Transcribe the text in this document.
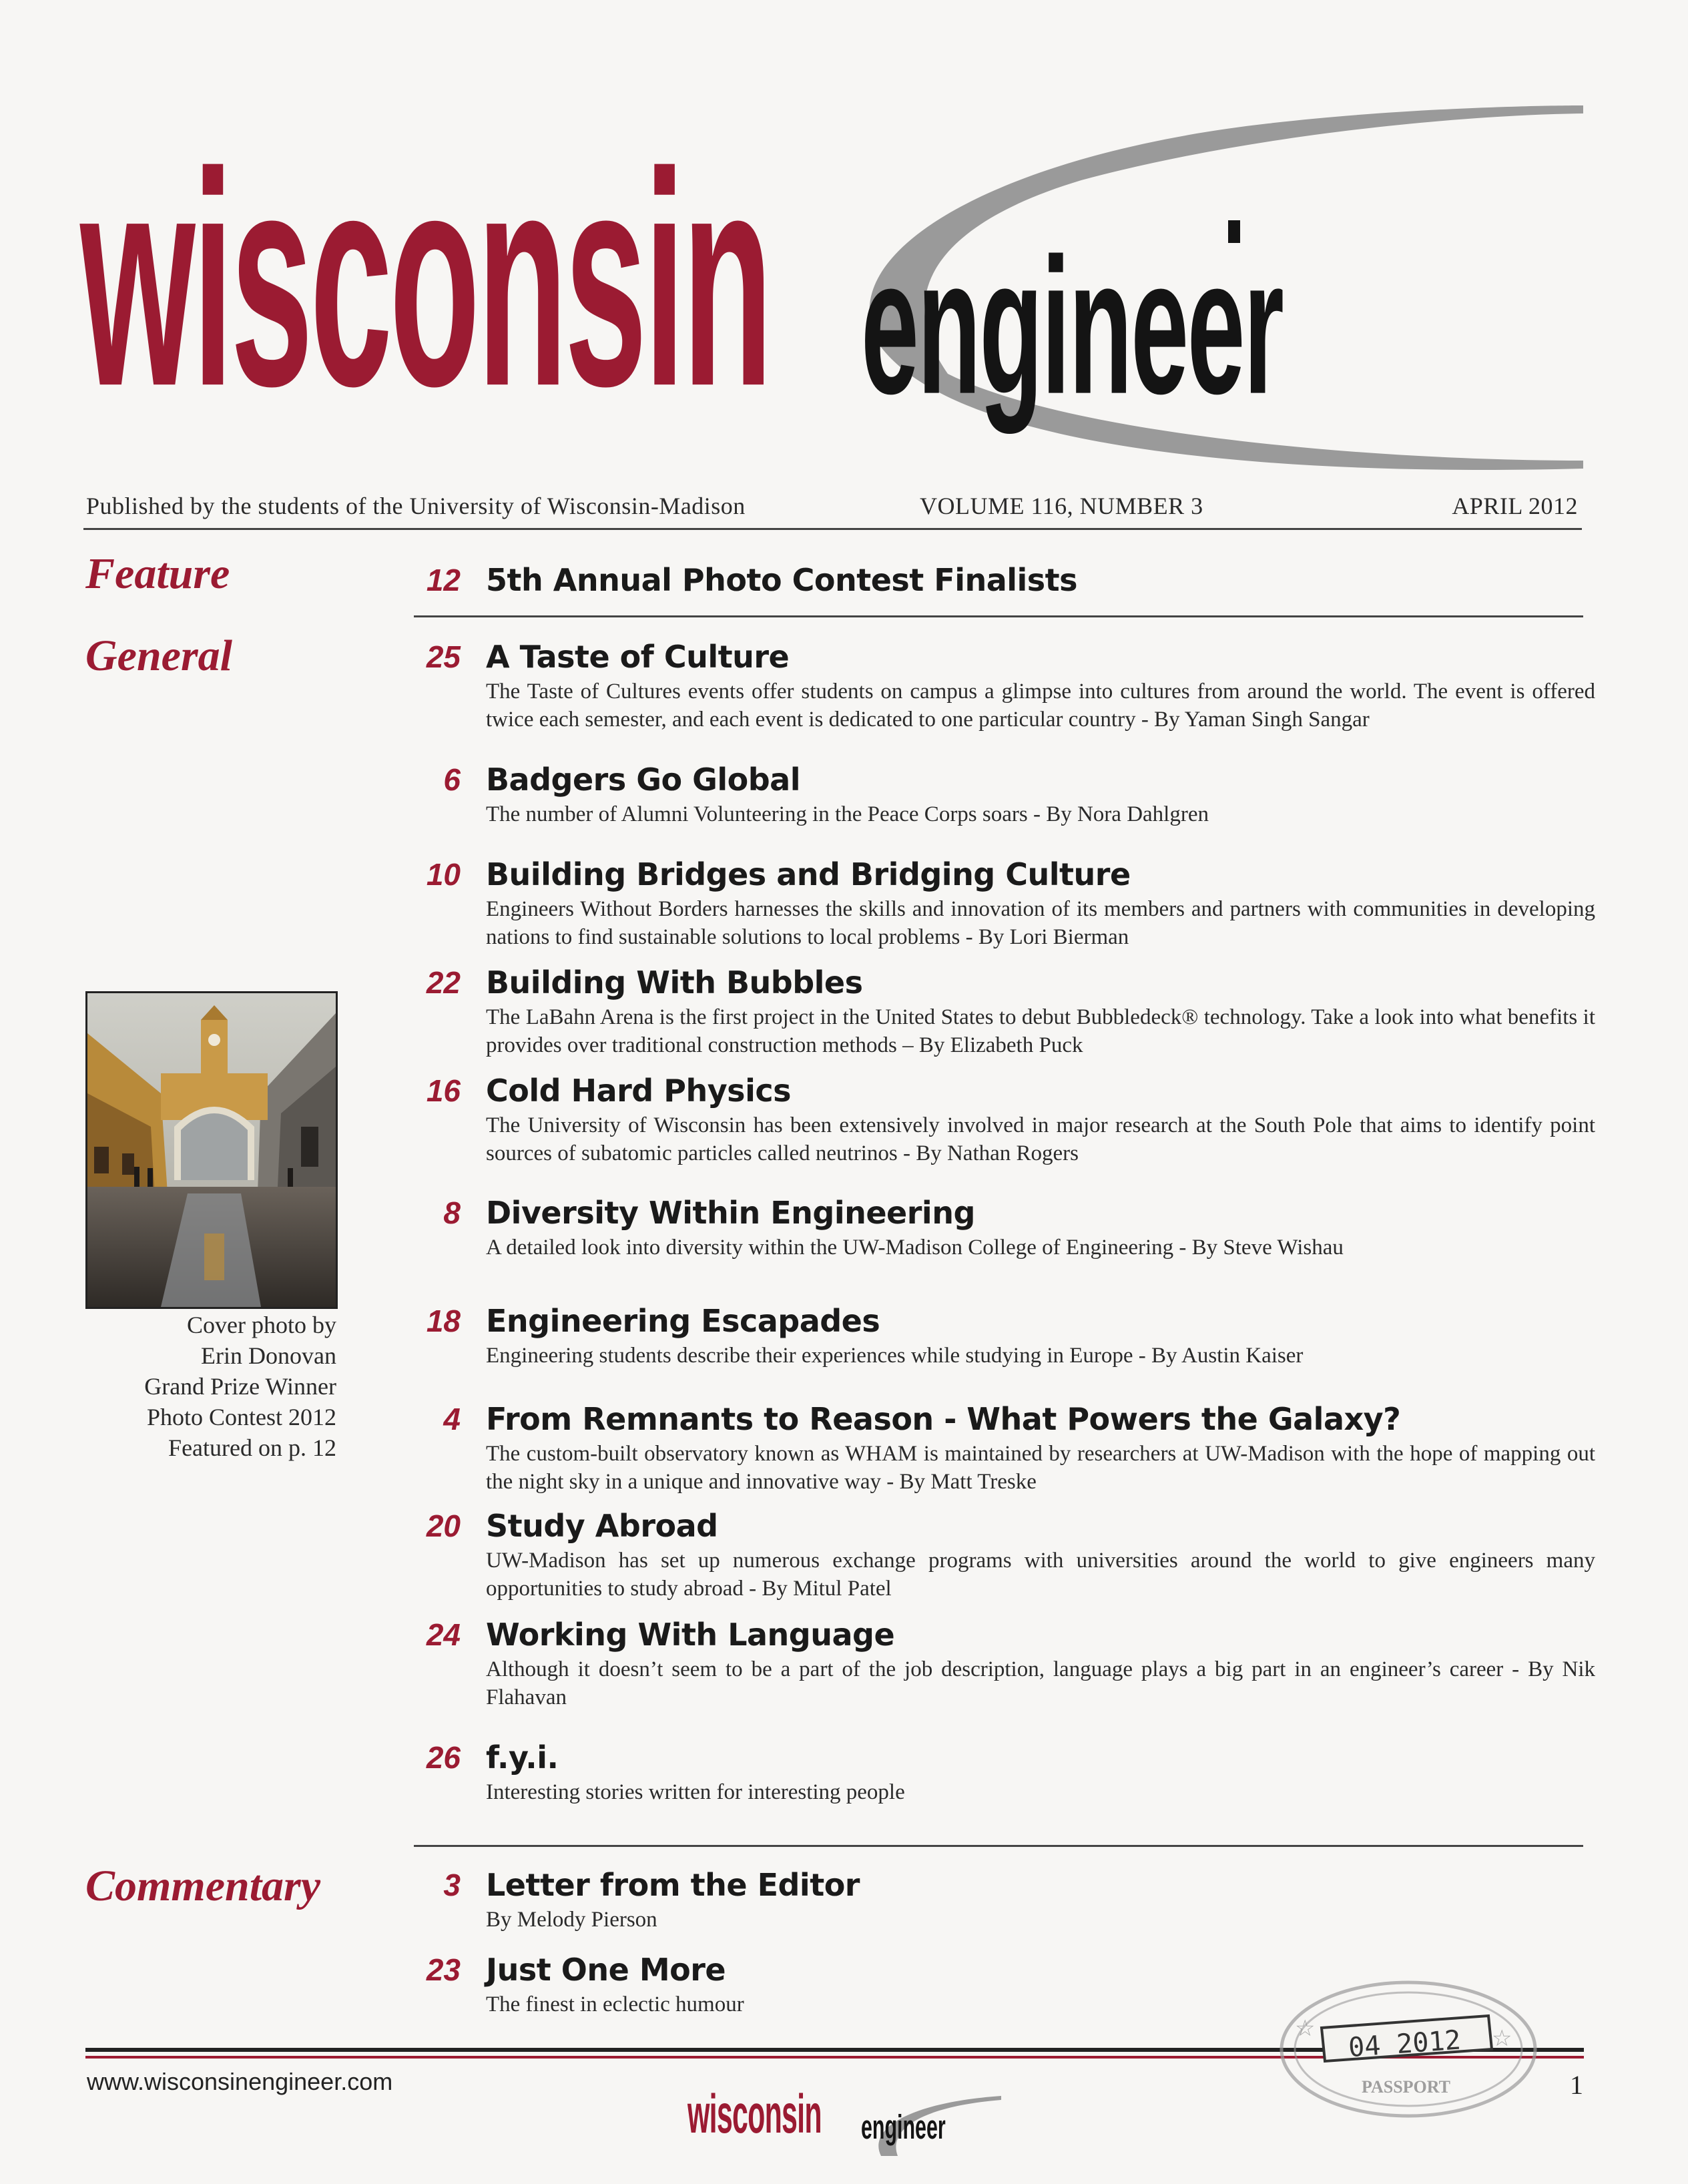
wisconsin engineer
Published by the students of the University of Wisconsin-Madison	VOLUME 116, NUMBER 3	APRIL 2012
Feature	12 5th Annual Photo Contest Finalists
General	25 A Taste of Culture
The Taste of Cultures events offer students on campus a glimpse into cultures from around the world. The event is offered twice each semester, and each event is dedicated to one particular country - By Yaman Singh Sangar
6 Badgers Go Global
The number of Alumni Volunteering in the Peace Corps soars - By Nora Dahlgren
10 Building Bridges and Bridging Culture
Engineers Without Borders harnesses the skills and innovation of its members and partners with communities in developing nations to find sustainable solutions to local problems - By Lori Bierman
22 Building With Bubbles
The LaBahn Arena is the first project in the United States to debut Bubbledeck® technology. Take a look into what benefits it provides over traditional construction methods – By Elizabeth Puck
16 Cold Hard Physics
The University of Wisconsin has been extensively involved in major research at the South Pole that aims to identify point sources of subatomic particles called neutrinos - By Nathan Rogers
8 Diversity Within Engineering
A detailed look into diversity within the UW-Madison College of Engineering - By Steve Wishau
18 Engineering Escapades
Engineering students describe their experiences while studying in Europe - By Austin Kaiser
4 From Remnants to Reason - What Powers the Galaxy?
The custom-built observatory known as WHAM is maintained by researchers at UW-Madison with the hope of mapping out the night sky in a unique and innovative way - By Matt Treske
20 Study Abroad
UW-Madison has set up numerous exchange programs with universities around the world to give engineers many opportunities to study abroad - By Mitul Patel
24 Working With Language
Although it doesn’t seem to be a part of the job description, language plays a big part in an engineer’s career - By Nik Flahavan
26 f.y.i.
Interesting stories written for interesting people
Commentary	3 Letter from the Editor
By Melody Pierson
23 Just One More
The finest in eclectic humour
Cover photo by
Erin Donovan
Grand Prize Winner
Photo Contest 2012
Featured on p. 12
www.wisconsinengineer.com
wisconsin engineer
1
04 2012
PASSPORT
☆	☆
